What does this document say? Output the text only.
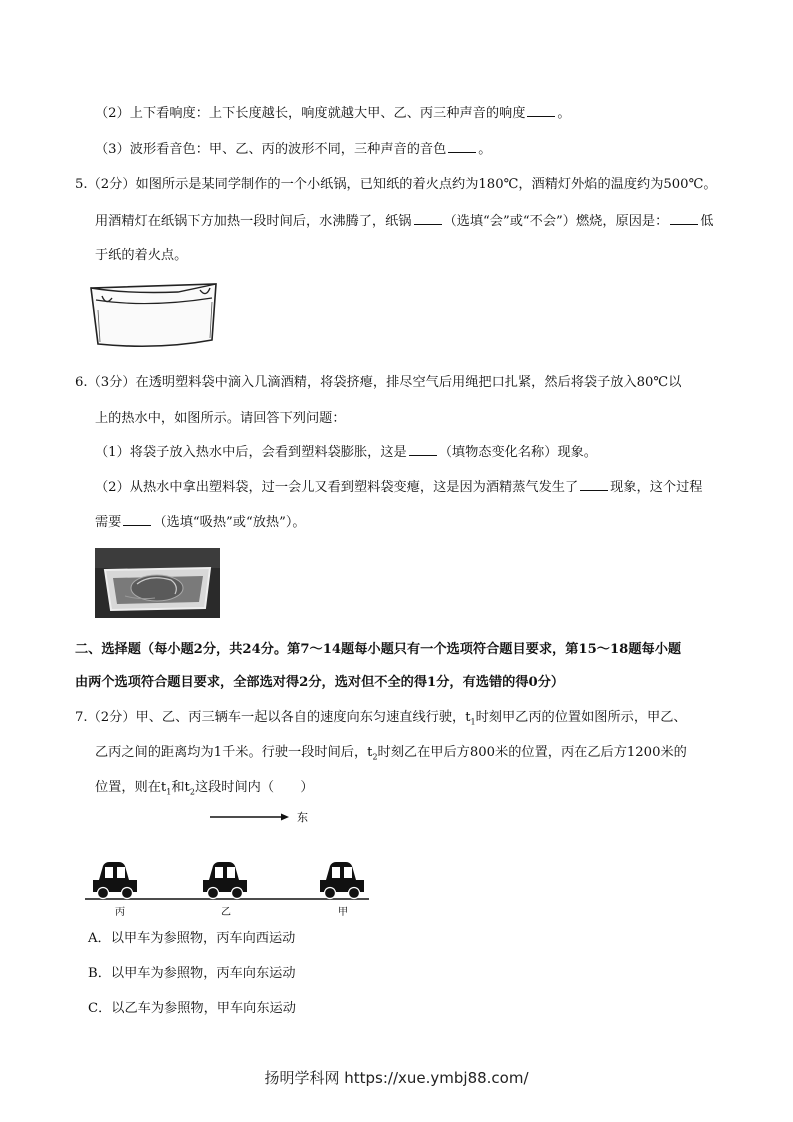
（2）上下看响度：上下长度越长，响度就越大甲、乙、丙三种声音的响度 。
（3）波形看音色：甲、乙、丙的波形不同，三种声音的音色 。
5.（2分）如图所示是某同学制作的一个小纸锅，已知纸的着火点约为180℃，酒精灯外焰的温度约为500℃。
用酒精灯在纸锅下方加热一段时间后，水沸腾了，纸锅 （选填“会”或“不会”）燃烧，原因是： 低
于纸的着火点。
6.（3分）在透明塑料袋中滴入几滴酒精，将袋挤瘪，排尽空气后用绳把口扎紧，然后将袋子放入80℃以
上的热水中，如图所示。请回答下列问题：
（1）将袋子放入热水中后，会看到塑料袋膨胀，这是 （填物态变化名称）现象。
（2）从热水中拿出塑料袋，过一会儿又看到塑料袋变瘪，这是因为酒精蒸气发生了 现象，这个过程
需要 （选填“吸热”或“放热”）。
二、选择题（每小题2分，共24分。第7～14题每小题只有一个选项符合题目要求，第15～18题每小题
由两个选项符合题目要求，全部选对得2分，选对但不全的得1分，有选错的得0分）
7.（2分）甲、乙、丙三辆车一起以各自的速度向东匀速直线行驶，$t_1$时刻甲乙丙的位置如图所示，甲乙、
乙丙之间的距离均为1千米。行驶一段时间后，$t_2$时刻乙在甲后方800米的位置，丙在乙后方1200米的
位置，则在$t_1$和$t_2$这段时间内（　　）
东
丙	乙	甲
A．以甲车为参照物，丙车向西运动
B．以甲车为参照物，丙车向东运动
C．以乙车为参照物，甲车向东运动
扬明学科网 https://xue.ymbj88.com/
